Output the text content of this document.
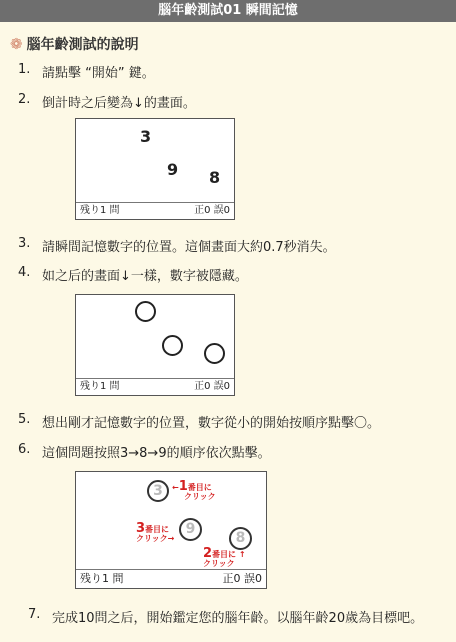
腦年齡測試01 瞬間記憶
❁ 腦年齡測試的說明
1. 請點擊 “開始” 鍵。
2. 倒計時之后變為↓的畫面。
3
9 8
残り1 問	正0 誤0
3. 請瞬間記憶數字的位置。這個畫面大約0.7秒消失。
4. 如之后的畫面↓一樣，數字被隱藏。
残り1 問	正0 誤0
5. 想出剛才記憶數字的位置，數字從小的開始按順序點擊〇。
6. 這個問題按照3→8→9的順序依次點擊。
3	←1番目に
クリック
9
3番目に
クリック→	8
2番目に ↑
クリック
残り1 問	正0 誤0
7. 完成10問之后，開始鑑定您的腦年齡。以腦年齡20歲為目標吧。
